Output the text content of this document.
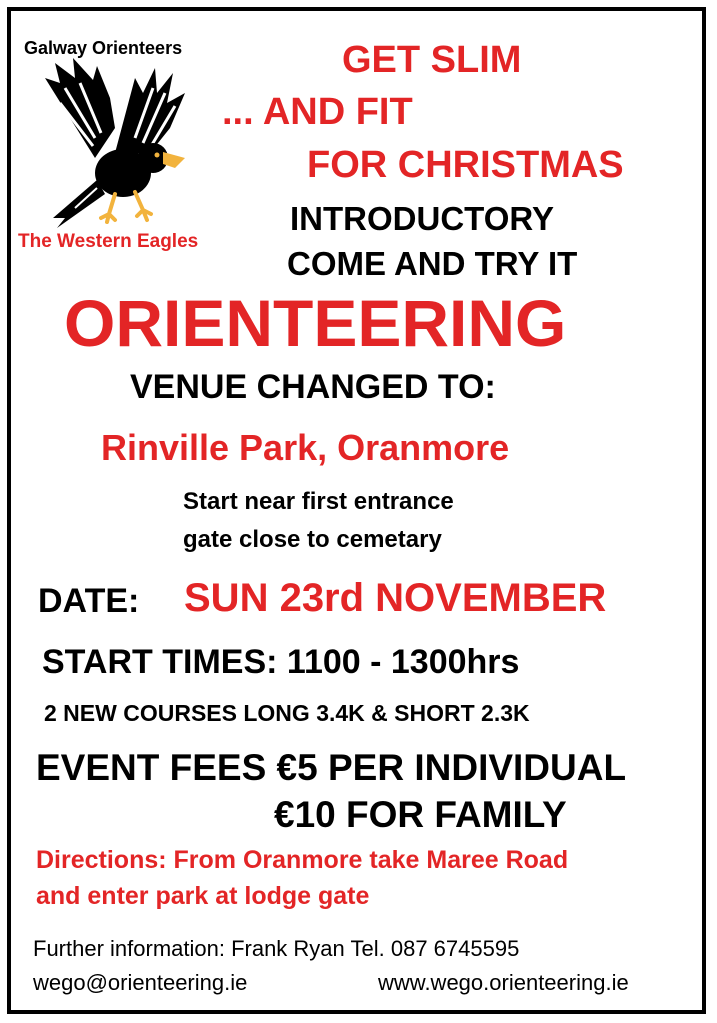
Galway Orienteers
The Western Eagles
GET SLIM
... AND FIT
FOR CHRISTMAS
INTRODUCTORY
COME AND TRY IT
ORIENTEERING
VENUE CHANGED TO:
Rinville Park, Oranmore
Start near first entrance
gate close to cemetary
DATE: SUN 23rd NOVEMBER
START TIMES: 1100 - 1300hrs
2 NEW COURSES LONG 3.4K & SHORT 2.3K
EVENT FEES €5 PER INDIVIDUAL
€10 FOR FAMILY
Directions: From Oranmore take Maree Road
and enter park at lodge gate
Further information: Frank Ryan Tel. 087 6745595
wego@orienteering.ie	www.wego.orienteering.ie
